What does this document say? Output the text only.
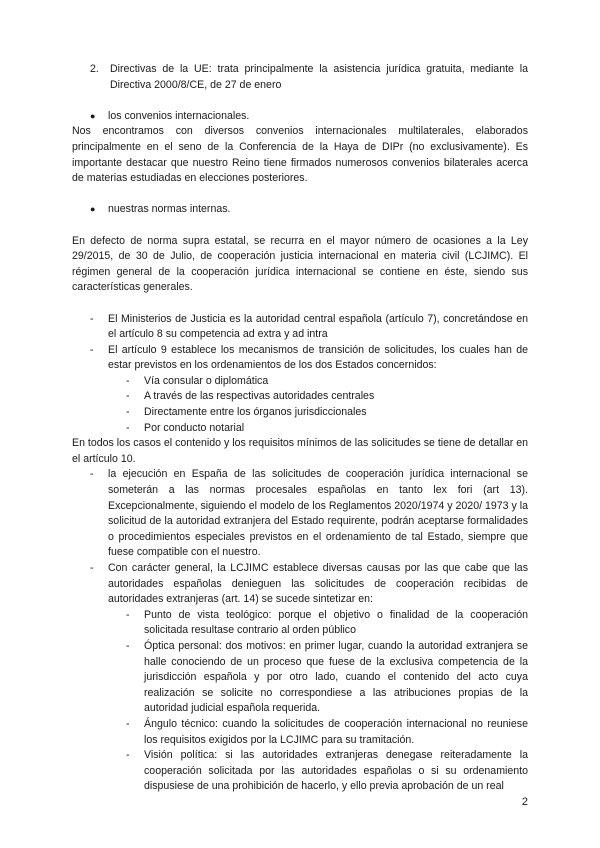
2.	Directivas de la UE: trata principalmente la asistencia jurídica gratuita, mediante la Directiva 2000/8/CE, de 27 de enero

●	los convenios internacionales.

Nos encontramos con diversos convenios internacionales multilaterales, elaborados principalmente en el seno de la Conferencia de la Haya de DIPr (no exclusivamente). Es importante destacar que nuestro Reino tiene firmados numerosos convenios bilaterales acerca de materias estudiadas en elecciones posteriores.

●	nuestras normas internas.

En defecto de norma supra estatal, se recurra en el mayor número de ocasiones a la Ley 29/2015, de 30 de Julio, de cooperación justicia internacional en materia civil (LCJIMC). El régimen general de la cooperación jurídica internacional se contiene en éste, siendo sus características generales.

-	El Ministerios de Justicia es la autoridad central española (artículo 7), concretándose en el artículo 8 su competencia ad extra y ad intra
-	El artículo 9 establece los mecanismos de transición de solicitudes, los cuales han de estar previstos en los ordenamientos de los dos Estados concernidos:
-	Vía consular o diplomática
-	A través de las respectivas autoridades centrales
-	Directamente entre los órganos jurisdiccionales
-	Por conducto notarial

En todos los casos el contenido y los requisitos mínimos de las solicitudes se tiene de detallar en el artículo 10.

-	la ejecución en España de las solicitudes de cooperación jurídica internacional se someterán a las normas procesales españolas en tanto lex fori (art 13). Excepcionalmente, siguiendo el modelo de los Reglamentos 2020/1974 y 2020/ 1973 y la solicitud de la autoridad extranjera del Estado requirente, podrán aceptarse formalidades o procedimientos especiales previstos en el ordenamiento de tal Estado, siempre que fuese compatible con el nuestro.
-	Con carácter general, la LCJIMC establece diversas causas por las que cabe que las autoridades españolas denieguen las solicitudes de cooperación recibidas de autoridades extranjeras (art. 14) se sucede sintetizar en:
-	Punto de vista teológico: porque el objetivo o finalidad de la cooperación solicitada resultase contrario al orden público
-	Óptica personal: dos motivos: en primer lugar, cuando la autoridad extranjera se halle conociendo de un proceso que fuese de la exclusiva competencia de la jurisdicción española y por otro lado, cuando el contenido del acto cuya realización se solicite no correspondiese a las atribuciones propias de la autoridad judicial española requerida.
-	Ángulo técnico: cuando la solicitudes de cooperación internacional no reuniese los requisitos exigidos por la LCJIMC para su tramitación.
-	Visión política: si las autoridades extranjeras denegase reiteradamente la cooperación solicitada por las autoridades españolas o si su ordenamiento dispusiese de una prohibición de hacerlo, y ello previa aprobación de un real
2
